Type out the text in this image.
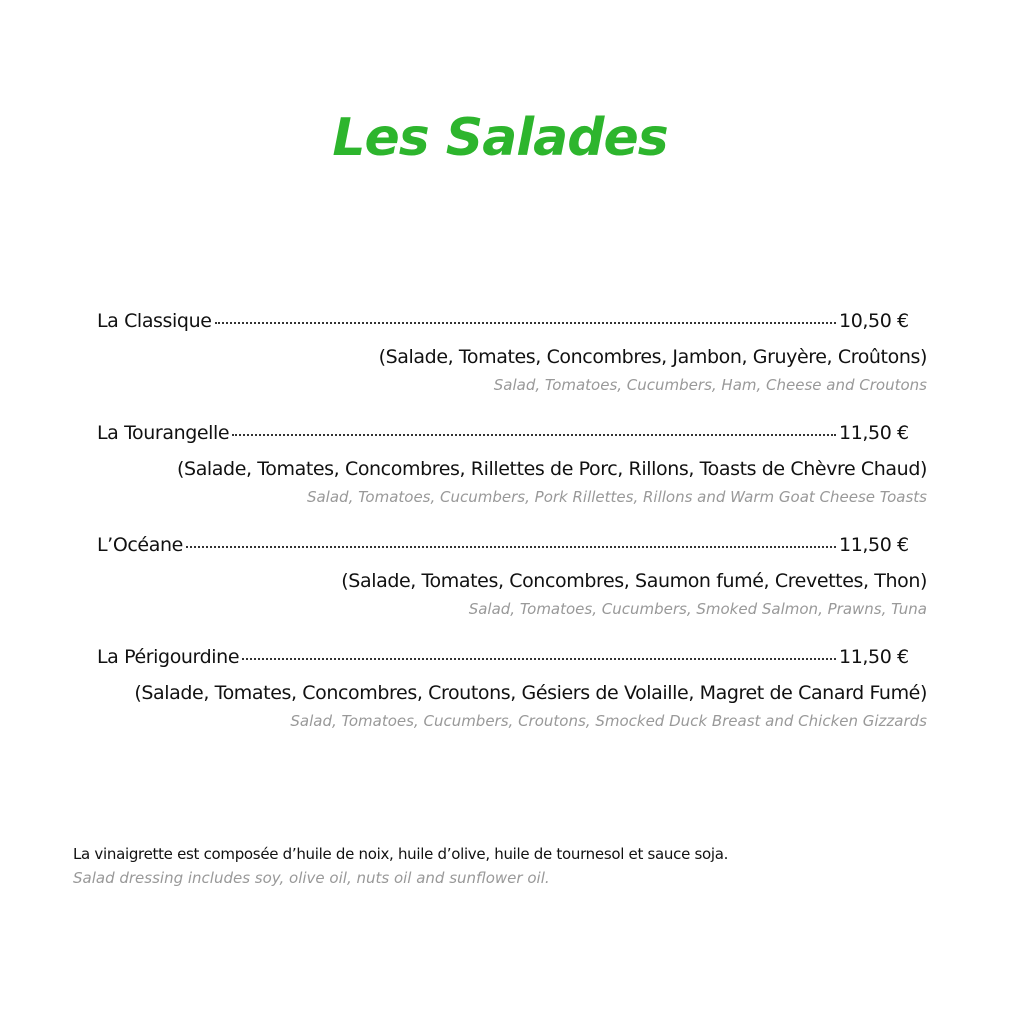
Les Salades
La Classique	10,50 €
(Salade, Tomates, Concombres, Jambon, Gruyère, Croûtons)
Salad, Tomatoes, Cucumbers, Ham, Cheese and Croutons
La Tourangelle	11,50 €
(Salade, Tomates, Concombres, Rillettes de Porc, Rillons, Toasts de Chèvre Chaud)
Salad, Tomatoes, Cucumbers, Pork Rillettes, Rillons and Warm Goat Cheese Toasts
L’Océane	11,50 €
(Salade, Tomates, Concombres, Saumon fumé, Crevettes, Thon)
Salad, Tomatoes, Cucumbers, Smoked Salmon, Prawns, Tuna
La Périgourdine	11,50 €
(Salade, Tomates, Concombres, Croutons, Gésiers de Volaille, Magret de Canard Fumé)
Salad, Tomatoes, Cucumbers, Croutons, Smocked Duck Breast and Chicken Gizzards
La vinaigrette est composée d’huile de noix, huile d’olive, huile de tournesol et sauce soja.
Salad dressing includes soy, olive oil, nuts oil and sunflower oil.
